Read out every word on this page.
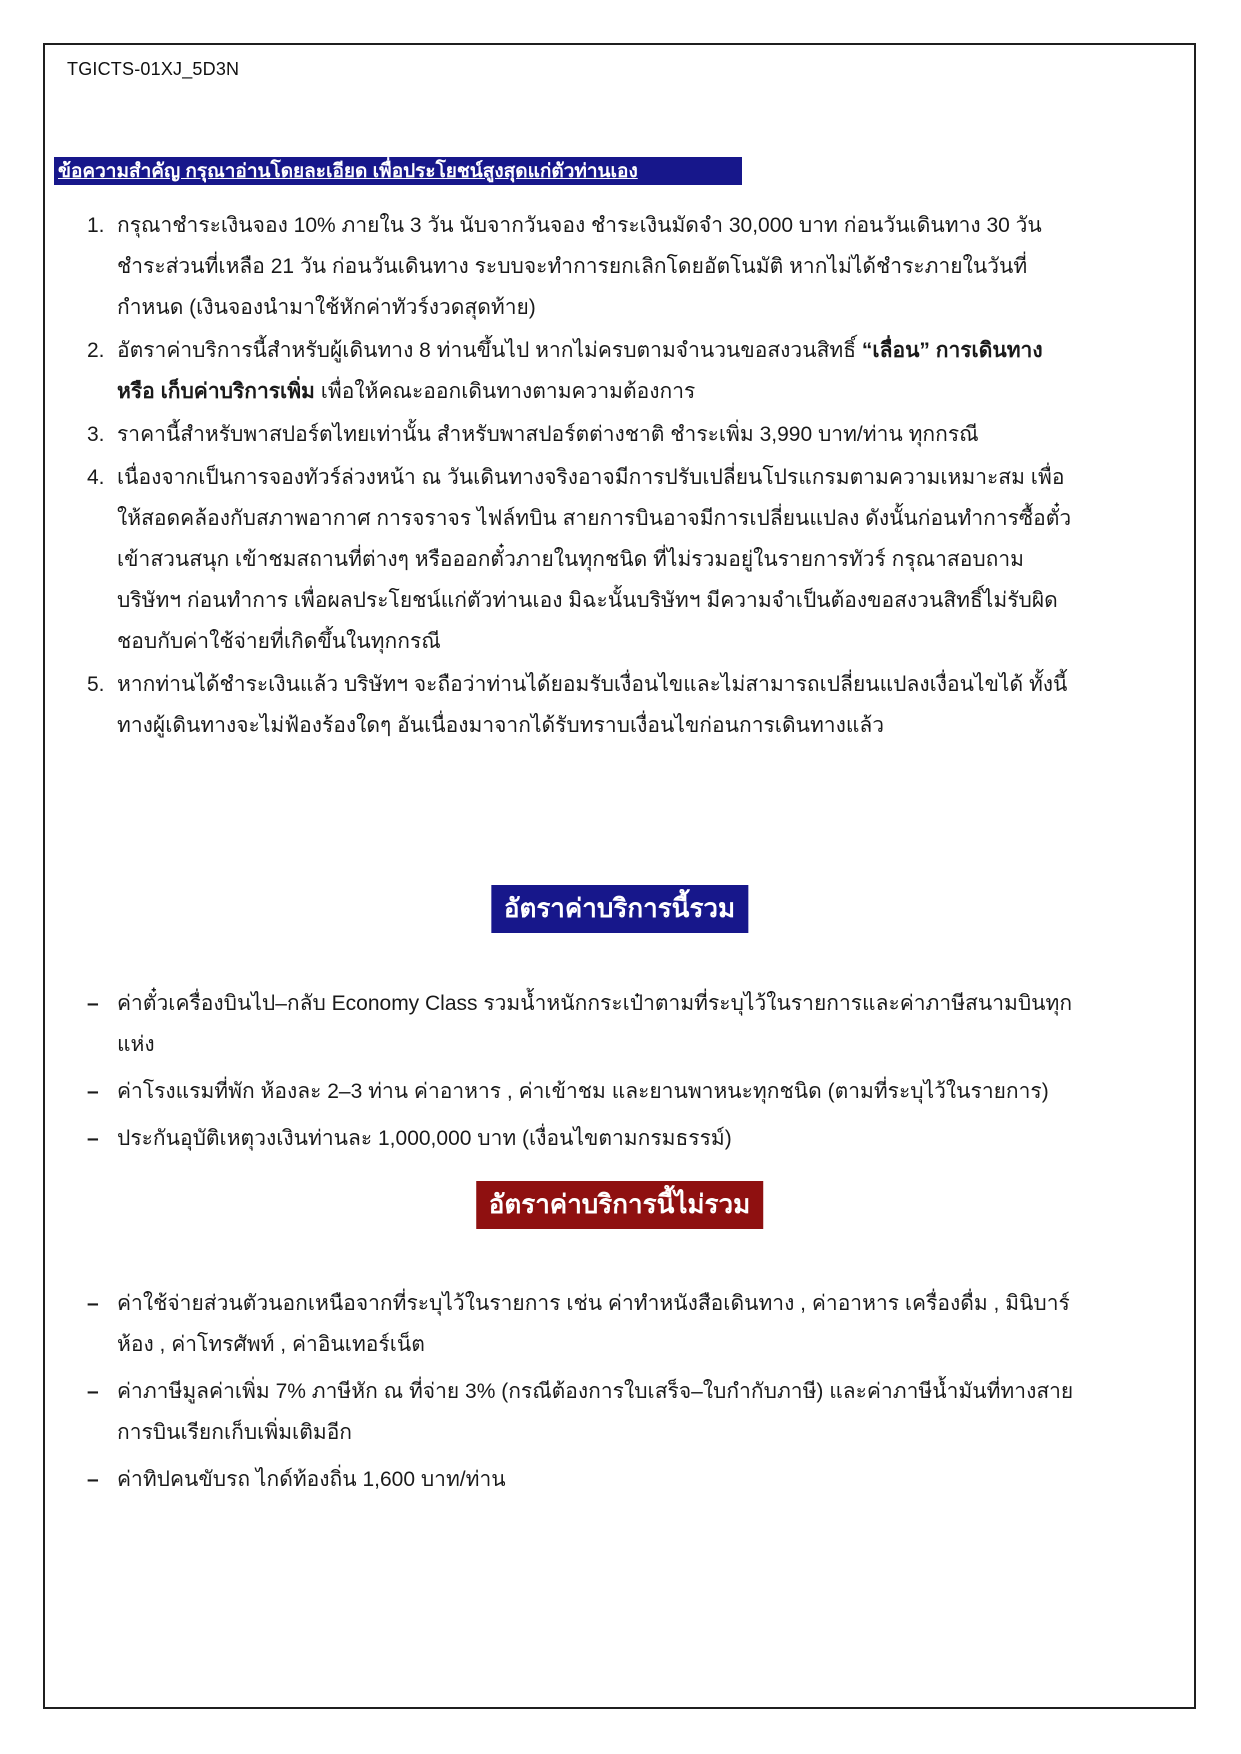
TGICTS-01XJ_5D3N
ข้อความสำคัญ กรุณาอ่านโดยละเอียด เพื่อประโยชน์สูงสุดแก่ตัวท่านเอง
1. กรุณาชำระเงินจอง 10% ภายใน 3 วัน นับจากวันจอง ชำระเงินมัดจำ 30,000 บาท ก่อนวันเดินทาง 30 วันชำระส่วนที่เหลือ 21 วัน ก่อนวันเดินทาง ระบบจะทำการยกเลิกโดยอัตโนมัติ หากไม่ได้ชำระภายในวันที่กำหนด (เงินจองนำมาใช้หักค่าทัวร์งวดสุดท้าย)
2. อัตราค่าบริการนี้สำหรับผู้เดินทาง 8 ท่านขึ้นไป หากไม่ครบตามจำนวนขอสงวนสิทธิ์ “เลื่อน” การเดินทาง หรือ เก็บค่าบริการเพิ่ม เพื่อให้คณะออกเดินทางตามความต้องการ
3. ราคานี้สำหรับพาสปอร์ตไทยเท่านั้น สำหรับพาสปอร์ตต่างชาติ ชำระเพิ่ม 3,990 บาท/ท่าน ทุกกรณี
4. เนื่องจากเป็นการจองทัวร์ล่วงหน้า ณ วันเดินทางจริงอาจมีการปรับเปลี่ยนโปรแกรมตามความเหมาะสม เพื่อให้สอดคล้องกับสภาพอากาศ การจราจร ไฟล์ทบิน สายการบินอาจมีการเปลี่ยนแปลง ดังนั้นก่อนทำการซื้อตั๋วเข้าสวนสนุก เข้าชมสถานที่ต่างๆ หรือออกตั๋วภายในทุกชนิด ที่ไม่รวมอยู่ในรายการทัวร์ กรุณาสอบถามบริษัทฯ ก่อนทำการ เพื่อผลประโยชน์แก่ตัวท่านเอง มิฉะนั้นบริษัทฯ มีความจำเป็นต้องขอสงวนสิทธิ์ไม่รับผิดชอบกับค่าใช้จ่ายที่เกิดขึ้นในทุกกรณี
5. หากท่านได้ชำระเงินแล้ว บริษัทฯ จะถือว่าท่านได้ยอมรับเงื่อนไขและไม่สามารถเปลี่ยนแปลงเงื่อนไขได้ ทั้งนี้ทางผู้เดินทางจะไม่ฟ้องร้องใดๆ อันเนื่องมาจากได้รับทราบเงื่อนไขก่อนการเดินทางแล้ว
อัตราค่าบริการนี้รวม
– ค่าตั๋วเครื่องบินไป–กลับ Economy Class รวมน้ำหนักกระเป๋าตามที่ระบุไว้ในรายการและค่าภาษีสนามบินทุกแห่ง
– ค่าโรงแรมที่พัก ห้องละ 2–3 ท่าน ค่าอาหาร , ค่าเข้าชม และยานพาหนะทุกชนิด (ตามที่ระบุไว้ในรายการ)
– ประกันอุบัติเหตุวงเงินท่านละ 1,000,000 บาท (เงื่อนไขตามกรมธรรม์)
อัตราค่าบริการนี้ไม่รวม
– ค่าใช้จ่ายส่วนตัวนอกเหนือจากที่ระบุไว้ในรายการ เช่น ค่าทำหนังสือเดินทาง , ค่าอาหาร เครื่องดื่ม , มินิบาร์ห้อง , ค่าโทรศัพท์ , ค่าอินเทอร์เน็ต
– ค่าภาษีมูลค่าเพิ่ม 7% ภาษีหัก ณ ที่จ่าย 3% (กรณีต้องการใบเสร็จ–ใบกำกับภาษี) และค่าภาษีน้ำมันที่ทางสายการบินเรียกเก็บเพิ่มเติมอีก
– ค่าทิปคนขับรถ ไกด์ท้องถิ่น 1,600 บาท/ท่าน
